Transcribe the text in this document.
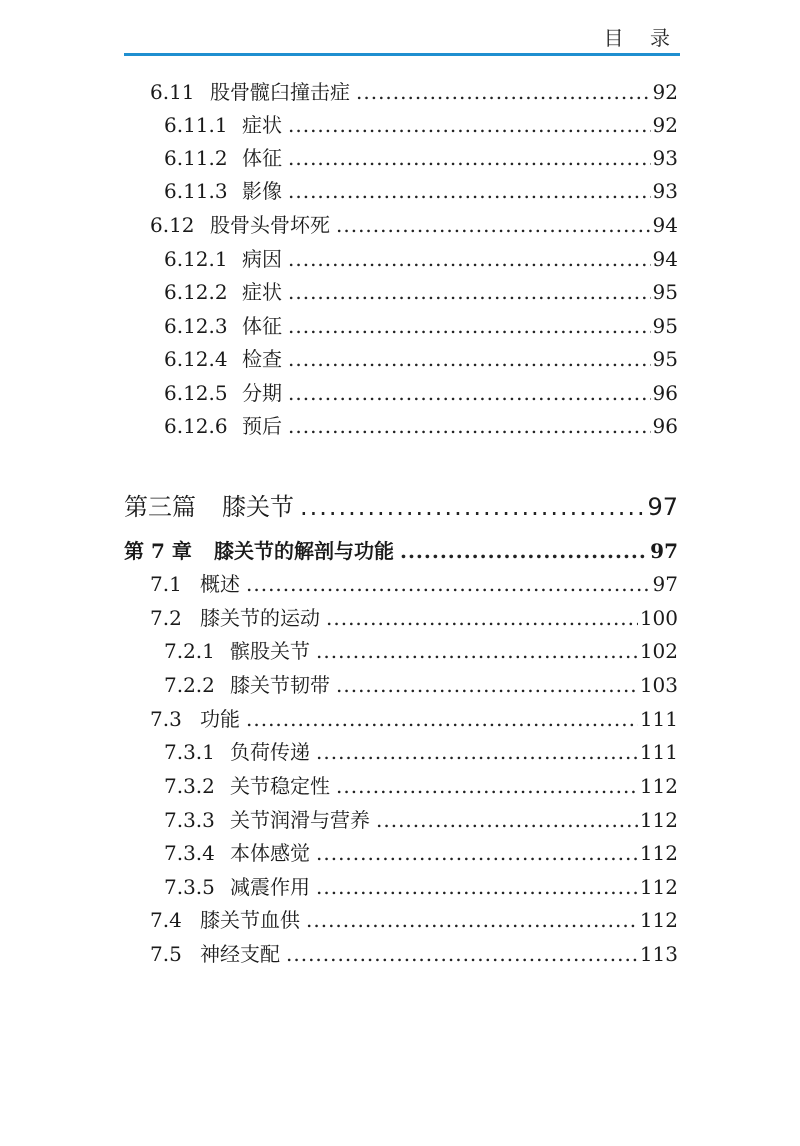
目 录
6.11 股骨髋臼撞击症 .....	92
6.11.1 症状 .....	92
6.11.2 体征 .....	93
6.11.3 影像 .....	93
6.12 股骨头骨坏死 .....	94
6.12.1 病因 .....	94
6.12.2 症状 .....	95
6.12.3 体征 .....	95
6.12.4 检查 .....	95
6.12.5 分期 .....	96
6.12.6 预后 .....	96
第三篇	膝关节 .....	97
第 7 章	膝关节的解剖与功能 .....	97
7.1 概述 .....	97
7.2 膝关节的运动 .....	100
7.2.1 髌股关节 .....	102
7.2.2 膝关节韧带 .....	103
7.3 功能 .....	111
7.3.1 负荷传递 .....	111
7.3.2 关节稳定性 .....	112
7.3.3 关节润滑与营养 .....	112
7.3.4 本体感觉 .....	112
7.3.5 减震作用 .....	112
7.4 膝关节血供 .....	112
7.5 神经支配 .....	113
